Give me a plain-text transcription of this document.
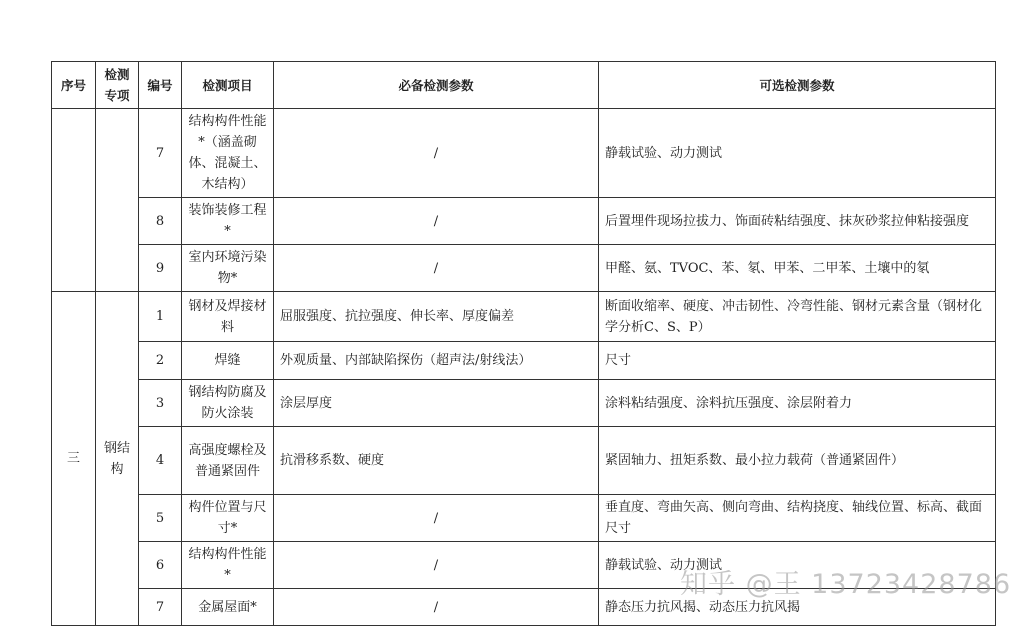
序号	检测专项	编号	检测项目	必备检测参数	可选检测参数
		7	结构构件性能*（涵盖砌体、混凝土、木结构）	/	静载试验、动力测试
		8	装饰装修工程*	/	后置埋件现场拉拔力、饰面砖粘结强度、抹灰砂浆拉伸粘接强度
		9	室内环境污染物*	/	甲醛、氨、TVOC、苯、氡、甲苯、二甲苯、土壤中的氡
三	钢结构	1	钢材及焊接材料	屈服强度、抗拉强度、伸长率、厚度偏差	断面收缩率、硬度、冲击韧性、冷弯性能、钢材元素含量（钢材化学分析C、S、P）
		2	焊缝	外观质量、内部缺陷探伤（超声法/射线法）	尺寸
		3	钢结构防腐及防火涂装	涂层厚度	涂料粘结强度、涂料抗压强度、涂层附着力
		4	高强度螺栓及普通紧固件	抗滑移系数、硬度	紧固轴力、扭矩系数、最小拉力载荷（普通紧固件）
		5	构件位置与尺寸*	/	垂直度、弯曲矢高、侧向弯曲、结构挠度、轴线位置、标高、截面尺寸
		6	结构构件性能*	/	静载试验、动力测试
		7	金属屋面*	/	静态压力抗风揭、动态压力抗风揭
知乎 @王 13723428786
